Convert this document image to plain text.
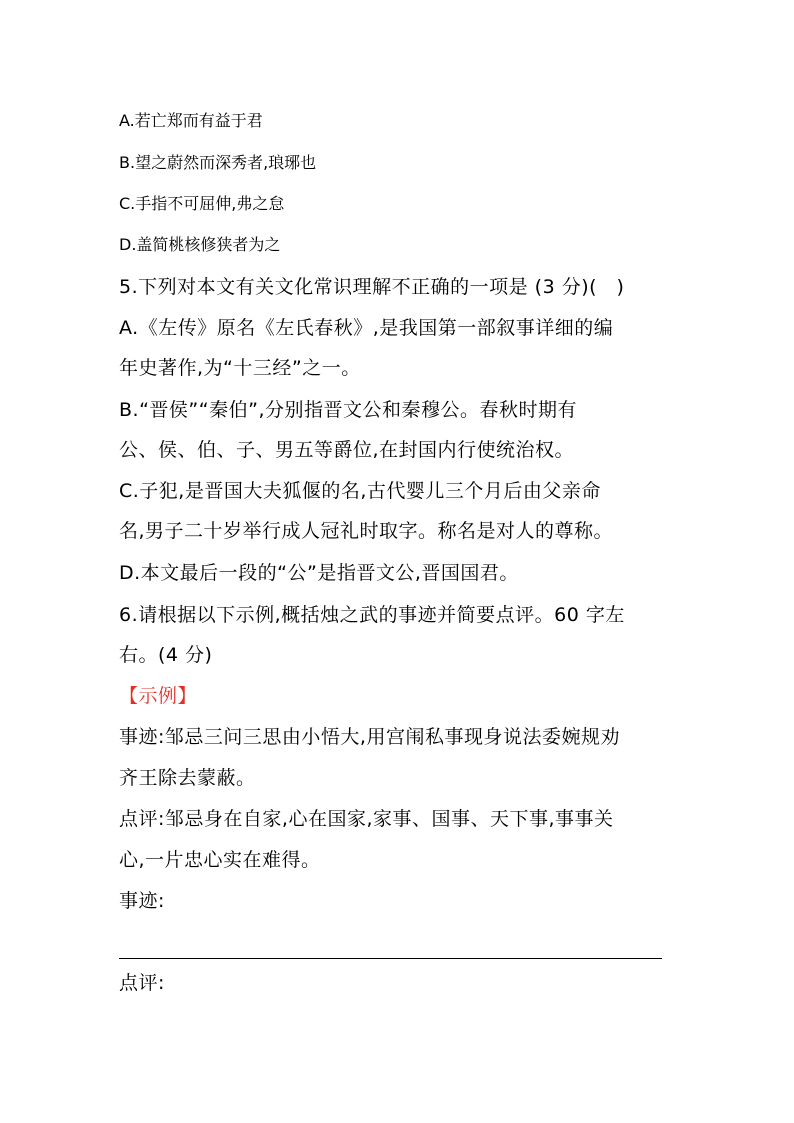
A.若亡郑而有益于君
B.望之蔚然而深秀者,琅琊也
C.手指不可屈伸,弗之怠
D.盖简桃核修狭者为之
5.下列对本文有关文化常识理解不正确的一项是 (3 分)(　)
A.《左传》原名《左氏春秋》,是我国第一部叙事详细的编
年史著作,为“十三经”之一。
B.“晋侯”“秦伯”,分别指晋文公和秦穆公。春秋时期有
公、侯、伯、子、男五等爵位,在封国内行使统治权。
C.子犯,是晋国大夫狐偃的名,古代婴儿三个月后由父亲命
名,男子二十岁举行成人冠礼时取字。称名是对人的尊称。
D.本文最后一段的“公”是指晋文公,晋国国君。
6.请根据以下示例,概括烛之武的事迹并简要点评。60 字左
右。(4 分)
【示例】
事迹:邹忌三问三思由小悟大,用宫闱私事现身说法委婉规劝
齐王除去蒙蔽。
点评:邹忌身在自家,心在国家,家事、国事、天下事,事事关
心,一片忠心实在难得。
事迹:
点评:
